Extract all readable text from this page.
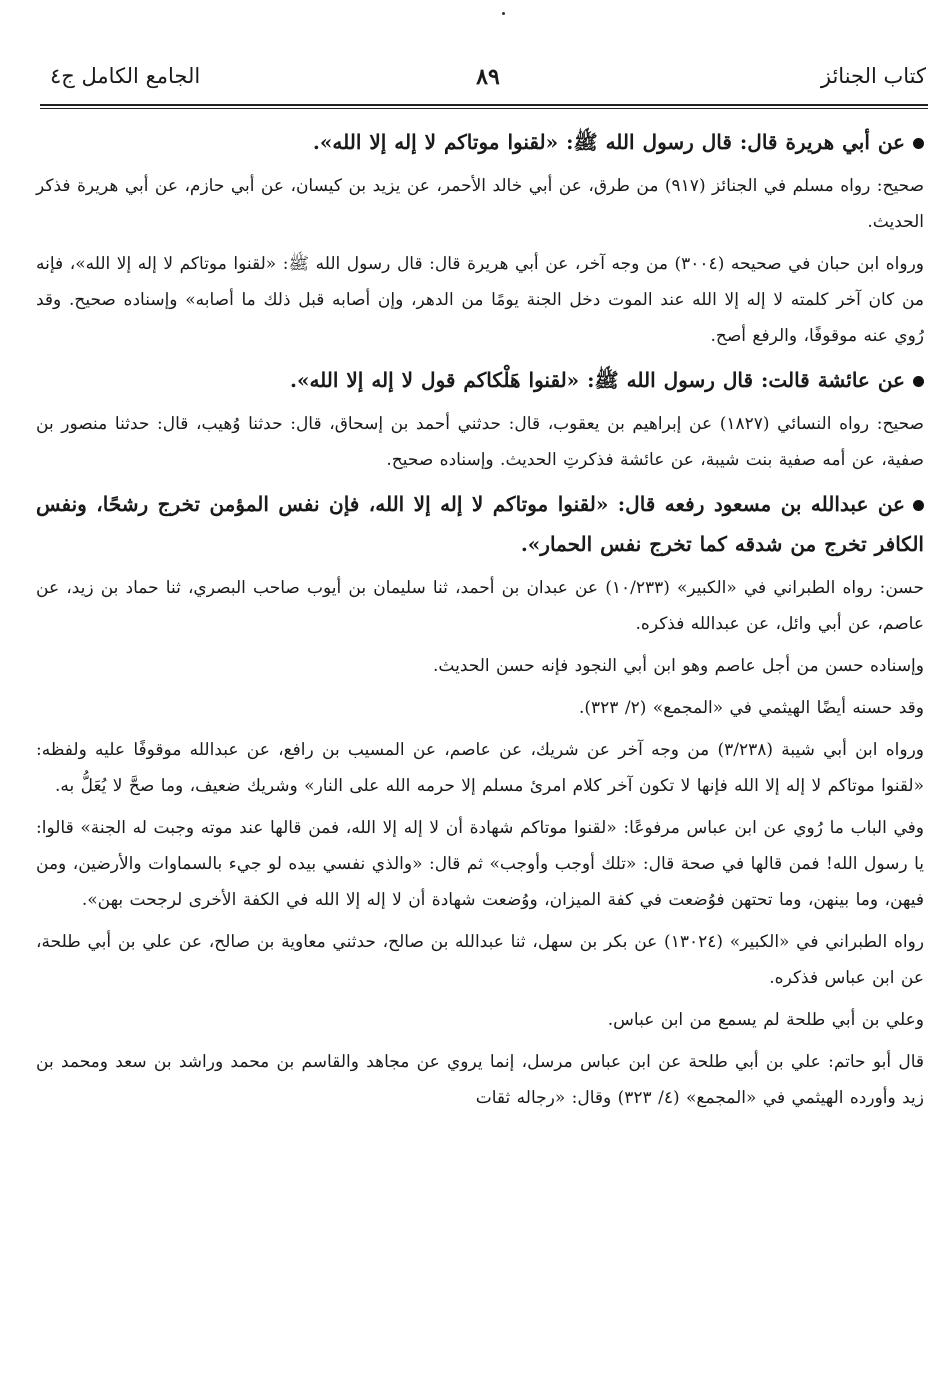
كتاب الجنائز
٨٩
الجامع الكامل ج٤

عن أبي هريرة قال: قال رسول الله ﷺ: «لقنوا موتاكم لا إله إلا الله».

صحيح: رواه مسلم في الجنائز (٩١٧) من طرق، عن أبي خالد الأحمر، عن يزيد بن كيسان، عن أبي حازم، عن أبي هريرة فذكر الحديث.

ورواه ابن حبان في صحيحه (٣٠٠٤) من وجه آخر، عن أبي هريرة قال: قال رسول الله ﷺ: «لقنوا موتاكم لا إله إلا الله»، فإنه من كان آخر كلمته لا إله إلا الله عند الموت دخل الجنة يومًا من الدهر، وإن أصابه قبل ذلك ما أصابه» وإسناده صحيح. وقد رُوي عنه موقوفًا، والرفع أصح.

عن عائشة قالت: قال رسول الله ﷺ: «لقنوا هَلْكاكم قول لا إله إلا الله».

صحيح: رواه النسائي (١٨٢٧) عن إبراهيم بن يعقوب، قال: حدثني أحمد بن إسحاق، قال: حدثنا وُهيب، قال: حدثنا منصور بن صفية، عن أمه صفية بنت شيبة، عن عائشة فذكرتِ الحديث. وإسناده صحيح.

عن عبدالله بن مسعود رفعه قال: «لقنوا موتاكم لا إله إلا الله، فإن نفس المؤمن تخرج رشحًا، ونفس الكافر تخرج من شدقه كما تخرج نفس الحمار».

حسن: رواه الطبراني في «الكبير» (١٠/٢٣٣) عن عبدان بن أحمد، ثنا سليمان بن أيوب صاحب البصري، ثنا حماد بن زيد، عن عاصم، عن أبي وائل، عن عبدالله فذكره.

وإسناده حسن من أجل عاصم وهو ابن أبي النجود فإنه حسن الحديث.

وقد حسنه أيضًا الهيثمي في «المجمع» (٢/ ٣٢٣).

ورواه ابن أبي شيبة (٣/٢٣٨) من وجه آخر عن شريك، عن عاصم، عن المسيب بن رافع، عن عبدالله موقوفًا عليه ولفظه: «لقنوا موتاكم لا إله إلا الله فإنها لا تكون آخر كلام امرئ مسلم إلا حرمه الله على النار» وشريك ضعيف، وما صحَّ لا يُعَلُّ به.

وفي الباب ما رُوي عن ابن عباس مرفوعًا: «لقنوا موتاكم شهادة أن لا إله إلا الله، فمن قالها عند موته وجبت له الجنة» قالوا: يا رسول الله! فمن قالها في صحة قال: «تلك أوجب وأوجب» ثم قال: «والذي نفسي بيده لو جيء بالسماوات والأرضين، ومن فيهن، وما بينهن، وما تحتهن فوُضعت في كفة الميزان، ووُضعت شهادة أن لا إله إلا الله في الكفة الأخرى لرجحت بهن».

رواه الطبراني في «الكبير» (١٣٠٢٤) عن بكر بن سهل، ثنا عبدالله بن صالح، حدثني معاوية بن صالح، عن علي بن أبي طلحة، عن ابن عباس فذكره.

وعلي بن أبي طلحة لم يسمع من ابن عباس.

قال أبو حاتم: علي بن أبي طلحة عن ابن عباس مرسل، إنما يروي عن مجاهد والقاسم بن محمد وراشد بن سعد ومحمد بن زيد وأورده الهيثمي في «المجمع» (٤/ ٣٢٣) وقال: «رجاله ثقات
